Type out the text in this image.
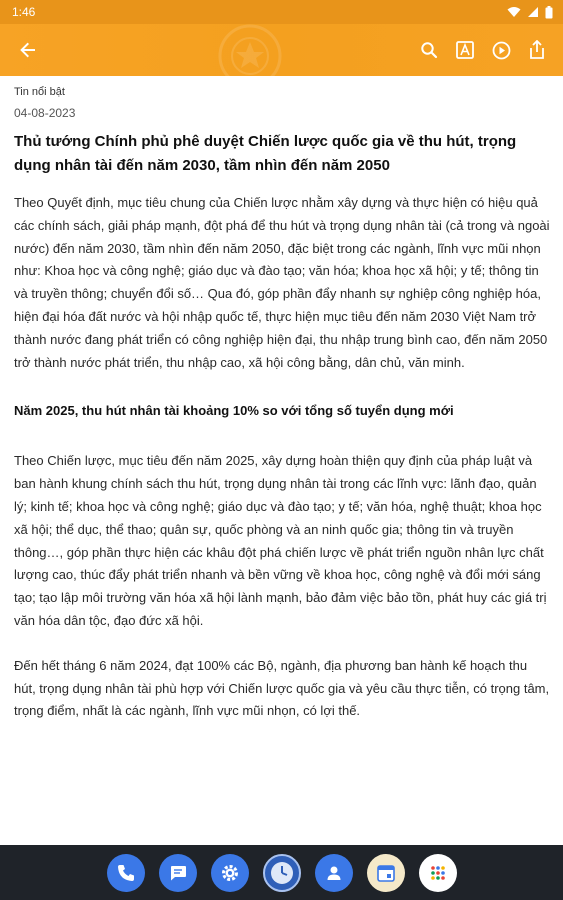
1:46
Tin nổi bật
04-08-2023
Thủ tướng Chính phủ phê duyệt Chiến lược quốc gia về thu hút, trọng dụng nhân tài đến năm 2030, tầm nhìn đến năm 2050

Theo Quyết định, mục tiêu chung của Chiến lược nhằm xây dựng và thực hiện có hiệu quả các chính sách, giải pháp mạnh, đột phá để thu hút và trọng dụng nhân tài (cả trong và ngoài nước) đến năm 2030, tầm nhìn đến năm 2050, đặc biệt trong các ngành, lĩnh vực mũi nhọn như: Khoa học và công nghệ; giáo dục và đào tạo; văn hóa; khoa học xã hội; y tế; thông tin và truyền thông; chuyển đổi số… Qua đó, góp phần đẩy nhanh sự nghiệp công nghiệp hóa, hiện đại hóa đất nước và hội nhập quốc tế, thực hiện mục tiêu đến năm 2030 Việt Nam trở thành nước đang phát triển có công nghiệp hiện đại, thu nhập trung bình cao, đến năm 2050 trở thành nước phát triển, thu nhập cao, xã hội công bằng, dân chủ, văn minh.

Năm 2025, thu hút nhân tài khoảng 10% so với tổng số tuyển dụng mới

Theo Chiến lược, mục tiêu đến năm 2025, xây dựng hoàn thiện quy định của pháp luật và ban hành khung chính sách thu hút, trọng dụng nhân tài trong các lĩnh vực: lãnh đạo, quản lý; kinh tế; khoa học và công nghệ; giáo dục và đào tạo; y tế; văn hóa, nghệ thuật; khoa học xã hội; thể dục, thể thao; quân sự, quốc phòng và an ninh quốc gia; thông tin và truyền thông…, góp phần thực hiện các khâu đột phá chiến lược về phát triển nguồn nhân lực chất lượng cao, thúc đẩy phát triển nhanh và bền vững về khoa học, công nghệ và đổi mới sáng tạo; tạo lập môi trường văn hóa xã hội lành mạnh, bảo đảm việc bảo tồn, phát huy các giá trị văn hóa dân tộc, đạo đức xã hội.

Đến hết tháng 6 năm 2024, đạt 100% các Bộ, ngành, địa phương ban hành kế hoạch thu hút, trọng dụng nhân tài phù hợp với Chiến lược quốc gia và yêu cầu thực tiễn, có trọng tâm, trọng điểm, nhất là các ngành, lĩnh vực mũi nhọn, có lợi thế.
